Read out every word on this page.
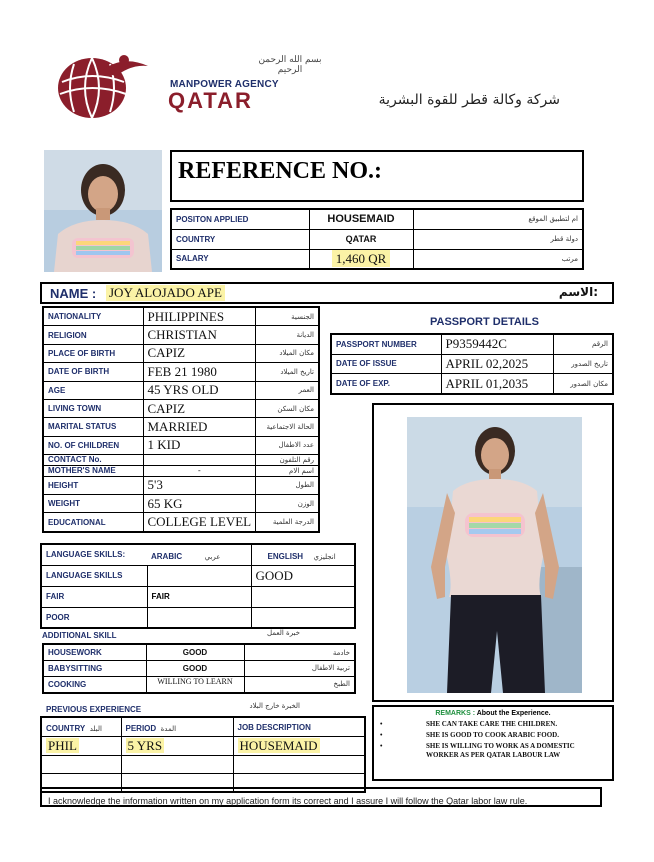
بسم الله الرحمن الرحيم
MANPOWER AGENCY
QATAR	شركة وكالة قطر للقوة البشرية
REFERENCE NO.:
POSITON APPLIED	HOUSEMAID	ام لتطبيق الموقع
COUNTRY	QATAR	دولة قطر
SALARY	1,460 QR	مرتب
NAME : JOY ALOJADO APE	الاسم:
NATIONALITY	PHILIPPINES	الجنسية
RELIGION	CHRISTIAN	الديانة
PLACE OF BIRTH	CAPIZ	مكان الميلاد
DATE OF BIRTH	FEB 21 1980	تاريخ الميلاد
AGE	45 YRS OLD	العمر
LIVING TOWN	CAPIZ	مكان السكن
MARITAL STATUS	MARRIED	الحالة الاجتماعية
NO. OF CHILDREN	1 KID	عدد الاطفال
CONTACT No.		رقم التلفون
MOTHER'S NAME	-	اسم الام
HEIGHT	5'3	الطول
WEIGHT	65 KG	الوزن
EDUCATIONAL	COLLEGE LEVEL	الدرجة العلمية
PASSPORT DETAILS
PASSPORT NUMBER	P9359442C	الرقم
DATE OF ISSUE	APRIL 02,2025	تاريخ الصدور
DATE OF EXP.	APRIL 01,2035	مكان الصدور
LANGUAGE SKILLS:	ARABIC عربي	ENGLISH انجليزي
LANGUAGE SKILLS		GOOD
FAIR	FAIR	
POOR		
ADDITIONAL SKILL	خبرة العمل
HOUSEWORK	GOOD	خادمة
BABYSITTING	GOOD	تربية الاطفال
COOKING	WILLING TO LEARN	الطبخ
PREVIOUS EXPERIENCE	الخبرة خارج البلاد
COUNTRY البلد	PERIOD المدة	JOB DESCRIPTION
PHIL	5 YRS	HOUSEMAID

REMARKS : About the Experience.
•	SHE CAN TAKE CARE THE CHILDREN.
•	SHE IS GOOD TO COOK ARABIC FOOD.
•	SHE IS WILLING TO WORK AS A DOMESTIC WORKER AS PER QATAR LABOUR LAW
I acknowledge the information written on my application form its correct and I assure I will follow the Qatar labor law rule.
